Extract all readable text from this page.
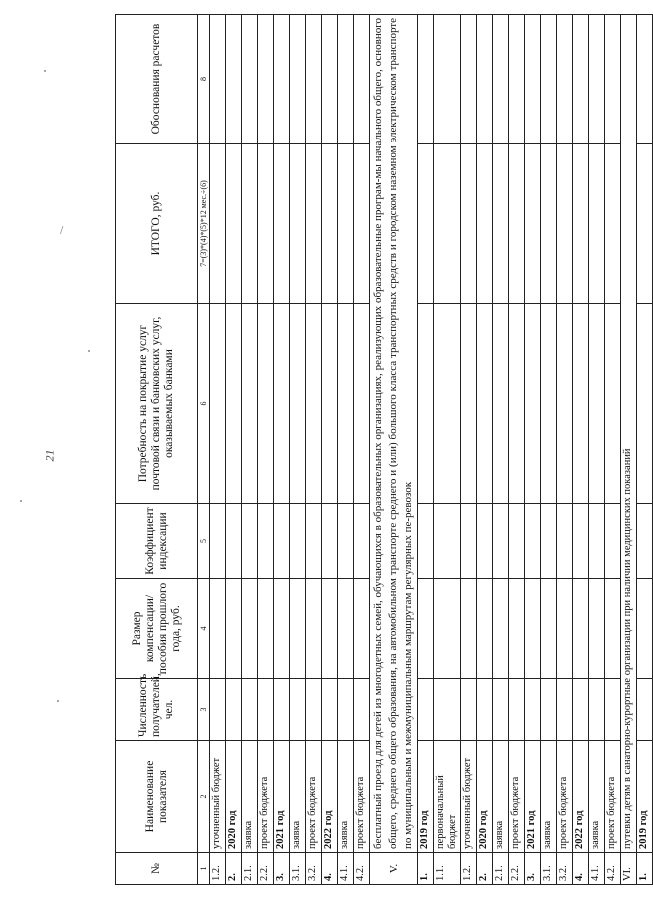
№	Наименование показателя	Численность получателей, чел.	Размер компенсации/пособия прошлого года, руб.	Коэффициент индексации	Потребность на покрытие услуг почтовой связи и банковских услуг, оказываемых банками	ИТОГО, руб.	Обоснования расчетов
1	2	3	4	5	6	7=(3)*(4)*(5)*12 мес.÷(6)	8
1.2.	уточненный бюджет						
2.	2020 год						
2.1.	заявка						
2.2.	проект бюджета						
3.	2021 год						
3.1.	заявка						
3.2.	проект бюджета						
4.	2022 год						
4.1.	заявка						
4.2.	проект бюджета						
V.	бесплатный проезд для детей из многодетных семей, обучающихся в образовательных организациях, реализующих образовательные програм-мы начального общего, основного общего, среднего общего образования, на автомобильном транспорте среднего и (или) большого класса транспортных средств и городском наземном электрическом транспорте по муниципальным и межмуниципальным маршрутам регулярных пе-ревозок						
1.	2019 год						
1.1.	первоначальный бюджет						
1.2.	уточненный бюджет						
2.	2020 год						
2.1.	заявка						
2.2.	проект бюджета						
3.	2021 год						
3.1.	заявка						
3.2.	проект бюджета						
4.	2022 год						
4.1.	заявка						
4.2.	проект бюджета						
VI.	путевки детям в санаторно-курортные организации при наличии медицинских показаний						
1.	2019 год						
21
/
